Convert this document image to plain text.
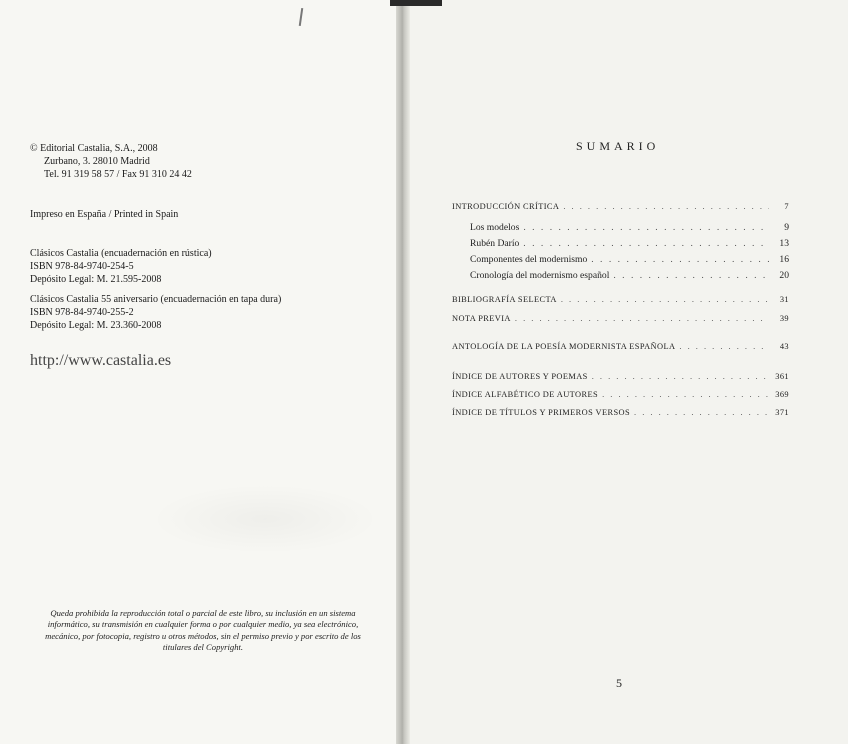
© Editorial Castalia, S.A., 2008
Zurbano, 3. 28010 Madrid
Tel. 91 319 58 57 / Fax 91 310 24 42
Impreso en España / Printed in Spain
Clásicos Castalia (encuadernación en rústica)
ISBN 978-84-9740-254-5
Depósito Legal: M. 21.595-2008
Clásicos Castalia 55 aniversario (encuadernación en tapa dura)
ISBN 978-84-9740-255-2
Depósito Legal: M. 23.360-2008
http://www.castalia.es
Queda prohibida la reproducción total o parcial de este libro, su inclusión en un sistema informático, su transmisión en cualquier forma o por cualquier medio, ya sea electrónico, mecánico, por fotocopia, registro u otros métodos, sin el permiso previo y por escrito de los titulares del Copyright.
SUMARIO
INTRODUCCIÓN CRÍTICA . . .	7
Los modelos . . .	9
Rubén Darío . . .	13
Componentes del modernismo . . .	16
Cronología del modernismo español . . .	20
BIBLIOGRAFÍA SELECTA . . .	31
NOTA PREVIA . . .	39
ANTOLOGÍA DE LA POESÍA MODERNISTA ESPAÑOLA . . .	43
ÍNDICE DE AUTORES Y POEMAS . . .	361
ÍNDICE ALFABÉTICO DE AUTORES . . .	369
ÍNDICE DE TÍTULOS Y PRIMEROS VERSOS . . .	371
5
